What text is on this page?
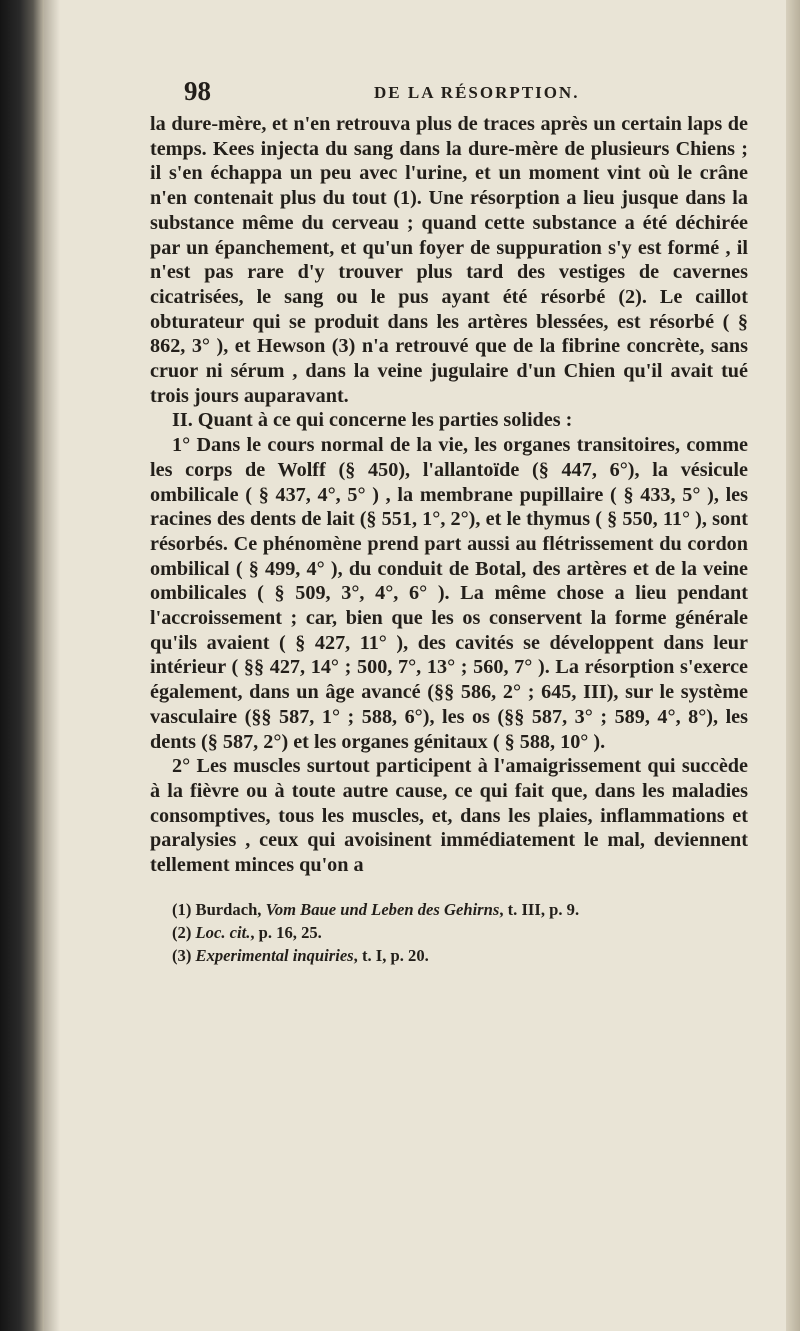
98	DE LA RÉSORPTION.

la dure-mère, et n'en retrouva plus de traces après un certain laps de temps. Kees injecta du sang dans la dure-mère de plusieurs Chiens ; il s'en échappa un peu avec l'urine, et un moment vint où le crâne n'en contenait plus du tout (1). Une résorption a lieu jusque dans la substance même du cerveau ; quand cette substance a été déchirée par un épanchement, et qu'un foyer de suppuration s'y est formé , il n'est pas rare d'y trouver plus tard des vestiges de cavernes cicatrisées, le sang ou le pus ayant été résorbé (2). Le caillot obturateur qui se produit dans les artères blessées, est résorbé ( § 862, 3° ), et Hewson (3) n'a retrouvé que de la fibrine concrète, sans cruor ni sérum , dans la veine jugulaire d'un Chien qu'il avait tué trois jours auparavant.

II. Quant à ce qui concerne les parties solides :

1° Dans le cours normal de la vie, les organes transitoires, comme les corps de Wolff (§ 450), l'allantoïde (§ 447, 6°), la vésicule ombilicale ( § 437, 4°, 5° ) , la membrane pupillaire ( § 433, 5° ), les racines des dents de lait (§ 551, 1°, 2°), et le thymus ( § 550, 11° ), sont résorbés. Ce phénomène prend part aussi au flétrissement du cordon ombilical ( § 499, 4° ), du conduit de Botal, des artères et de la veine ombilicales ( § 509, 3°, 4°, 6° ). La même chose a lieu pendant l'accroissement ; car, bien que les os conservent la forme générale qu'ils avaient ( § 427, 11° ), des cavités se développent dans leur intérieur ( §§ 427, 14° ; 500, 7°, 13° ; 560, 7° ). La résorption s'exerce également, dans un âge avancé (§§ 586, 2° ; 645, III), sur le système vasculaire (§§ 587, 1° ; 588, 6°), les os (§§ 587, 3° ; 589, 4°, 8°), les dents (§ 587, 2°) et les organes génitaux ( § 588, 10° ).

2° Les muscles surtout participent à l'amaigrissement qui succède à la fièvre ou à toute autre cause, ce qui fait que, dans les maladies consomptives, tous les muscles, et, dans les plaies, inflammations et paralysies , ceux qui avoisinent immédiatement le mal, deviennent tellement minces qu'on a

(1) Burdach, Vom Baue und Leben des Gehirns, t. III, p. 9.
(2) Loc. cit., p. 16, 25.
(3) Experimental inquiries, t. I, p. 20.
